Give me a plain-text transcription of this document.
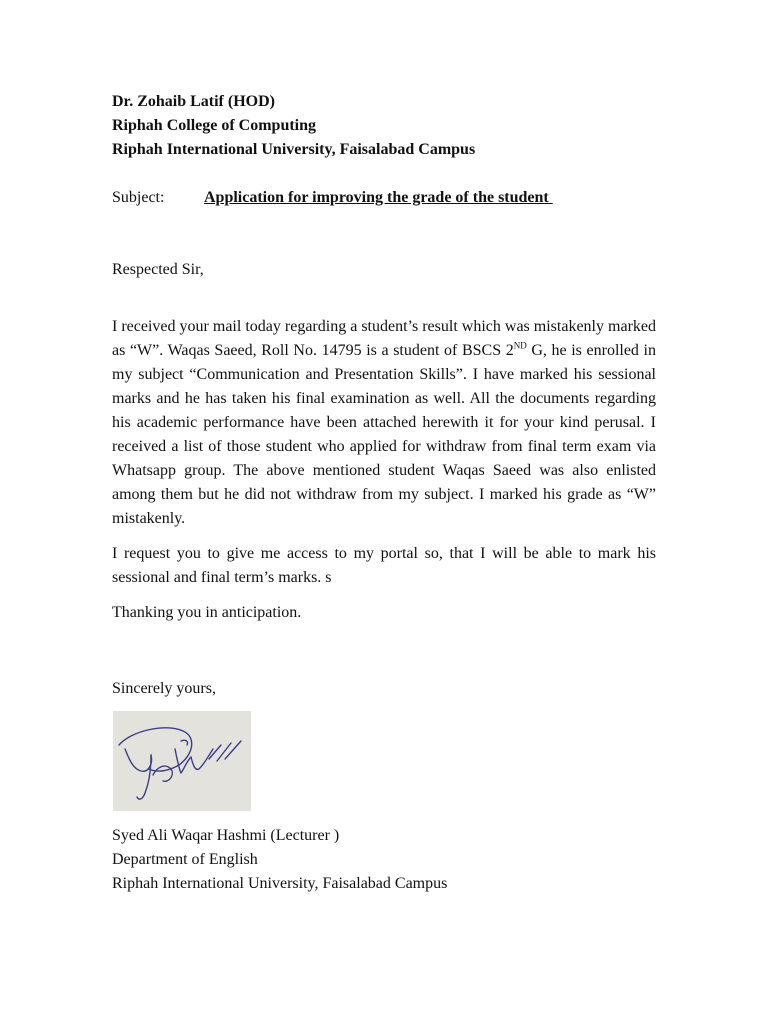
Dr. Zohaib Latif (HOD)
Riphah College of Computing
Riphah International University, Faisalabad Campus
Subject: Application for improving the grade of the student
Respected Sir,
I received your mail today regarding a student’s result which was mistakenly marked as “W”. Waqas Saeed, Roll No. 14795 is a student of BSCS 2ND G, he is enrolled in my subject “Communication and Presentation Skills”. I have marked his sessional marks and he has taken his final examination as well. All the documents regarding his academic performance have been attached herewith it for your kind perusal. I received a list of those student who applied for withdraw from final term exam via Whatsapp group. The above mentioned student Waqas Saeed was also enlisted among them but he did not withdraw from my subject. I marked his grade as “W” mistakenly.
I request you to give me access to my portal so, that I will be able to mark his sessional and final term’s marks. s
Thanking you in anticipation.
Sincerely yours,
Syed Ali Waqar Hashmi (Lecturer )
Department of English
Riphah International University, Faisalabad Campus
